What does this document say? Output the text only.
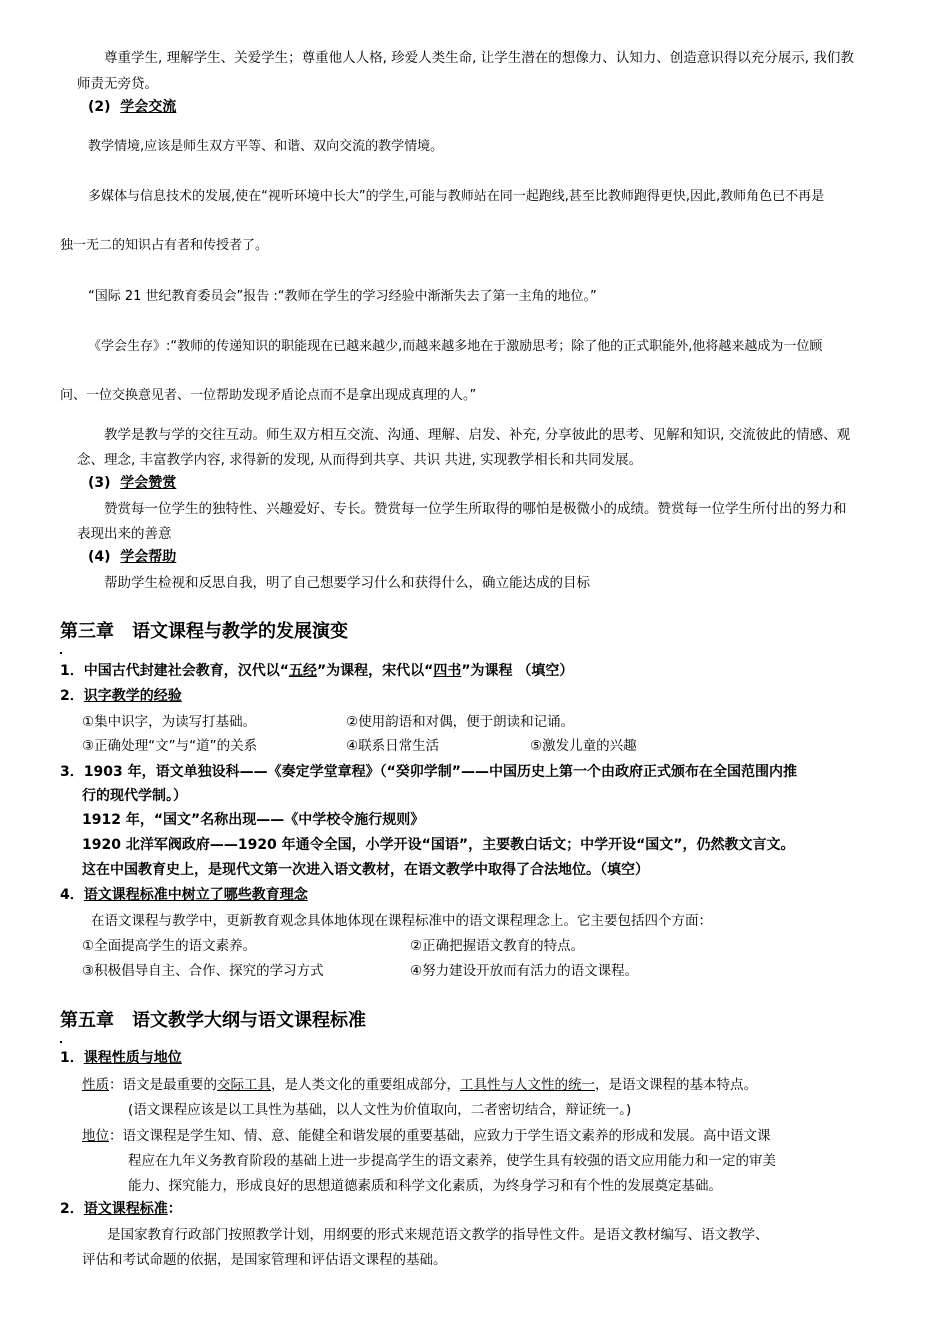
尊重学生, 理解学生、关爱学生；尊重他人人格, 珍爱人类生命, 让学生潜在的想像力、认知力、创造意识得以充分展示, 我们教
师责无旁贷。
(2) 学会交流
教学情境,应该是师生双方平等、和谐、双向交流的教学情境。
多媒体与信息技术的发展,使在“视听环境中长大”的学生,可能与教师站在同一起跑线,甚至比教师跑得更快,因此,教师角色已不再是
独一无二的知识占有者和传授者了。
“国际 21 世纪教育委员会”报告 :“教师在学生的学习经验中渐渐失去了第一主角的地位。”
《学会生存》:“教师的传递知识的职能现在已越来越少,而越来越多地在于激励思考；除了他的正式职能外,他将越来越成为一位顾
问、一位交换意见者、一位帮助发现矛盾论点而不是拿出现成真理的人。”
教学是教与学的交往互动。师生双方相互交流、沟通、理解、启发、补充, 分享彼此的思考、见解和知识, 交流彼此的情感、观
念、理念, 丰富教学内容, 求得新的发现, 从而得到共享、共识 共进, 实现教学相长和共同发展。
(3) 学会赞赏
赞赏每一位学生的独特性、兴趣爱好、专长。赞赏每一位学生所取得的哪怕是极微小的成绩。赞赏每一位学生所付出的努力和
表现出来的善意
(4) 学会帮助
帮助学生检视和反思自我，明了自己想要学习什么和获得什么，确立能达成的目标
第三章　语文课程与教学的发展演变
1．中国古代封建社会教育，汉代以“五经”为课程，宋代以“四书”为课程 （填空）
2．识字教学的经验
①集中识字，为读写打基础。	②使用韵语和对偶，便于朗读和记诵。
③正确处理“文”与“道”的关系	④联系日常生活	⑤激发儿童的兴趣
3．1903 年，语文单独设科——《奏定学堂章程》（“癸卯学制”——中国历史上第一个由政府正式颁布在全国范围内推
行的现代学制。）
1912 年，“国文”名称出现——《中学校令施行规则》
1920 北洋军阀政府——1920 年通令全国，小学开设“国语”，主要教白话文；中学开设“国文”，仍然教文言文。
这在中国教育史上，是现代文第一次进入语文教材，在语文教学中取得了合法地位。（填空）
4．语文课程标准中树立了哪些教育理念
在语文课程与教学中，更新教育观念具体地体现在课程标准中的语文课程理念上。它主要包括四个方面：
①全面提高学生的语文素养。	②正确把握语文教育的特点。
③积极倡导自主、合作、探究的学习方式	④努力建设开放而有活力的语文课程。
第五章　语文教学大纲与语文课程标准
1．课程性质与地位
性质：语文是最重要的交际工具，是人类文化的重要组成部分，工具性与人文性的统一，是语文课程的基本特点。
(语文课程应该是以工具性为基础，以人文性为价值取向，二者密切结合，辩证统一。)
地位：语文课程是学生知、情、意、能健全和谐发展的重要基础，应致力于学生语文素养的形成和发展。高中语文课
程应在九年义务教育阶段的基础上进一步提高学生的语文素养，使学生具有较强的语文应用能力和一定的审美
能力、探究能力，形成良好的思想道德素质和科学文化素质，为终身学习和有个性的发展奠定基础。
2．语文课程标准：
是国家教育行政部门按照教学计划，用纲要的形式来规范语文教学的指导性文件。是语文教材编写、语文教学、
评估和考试命题的依据，是国家管理和评估语文课程的基础。
